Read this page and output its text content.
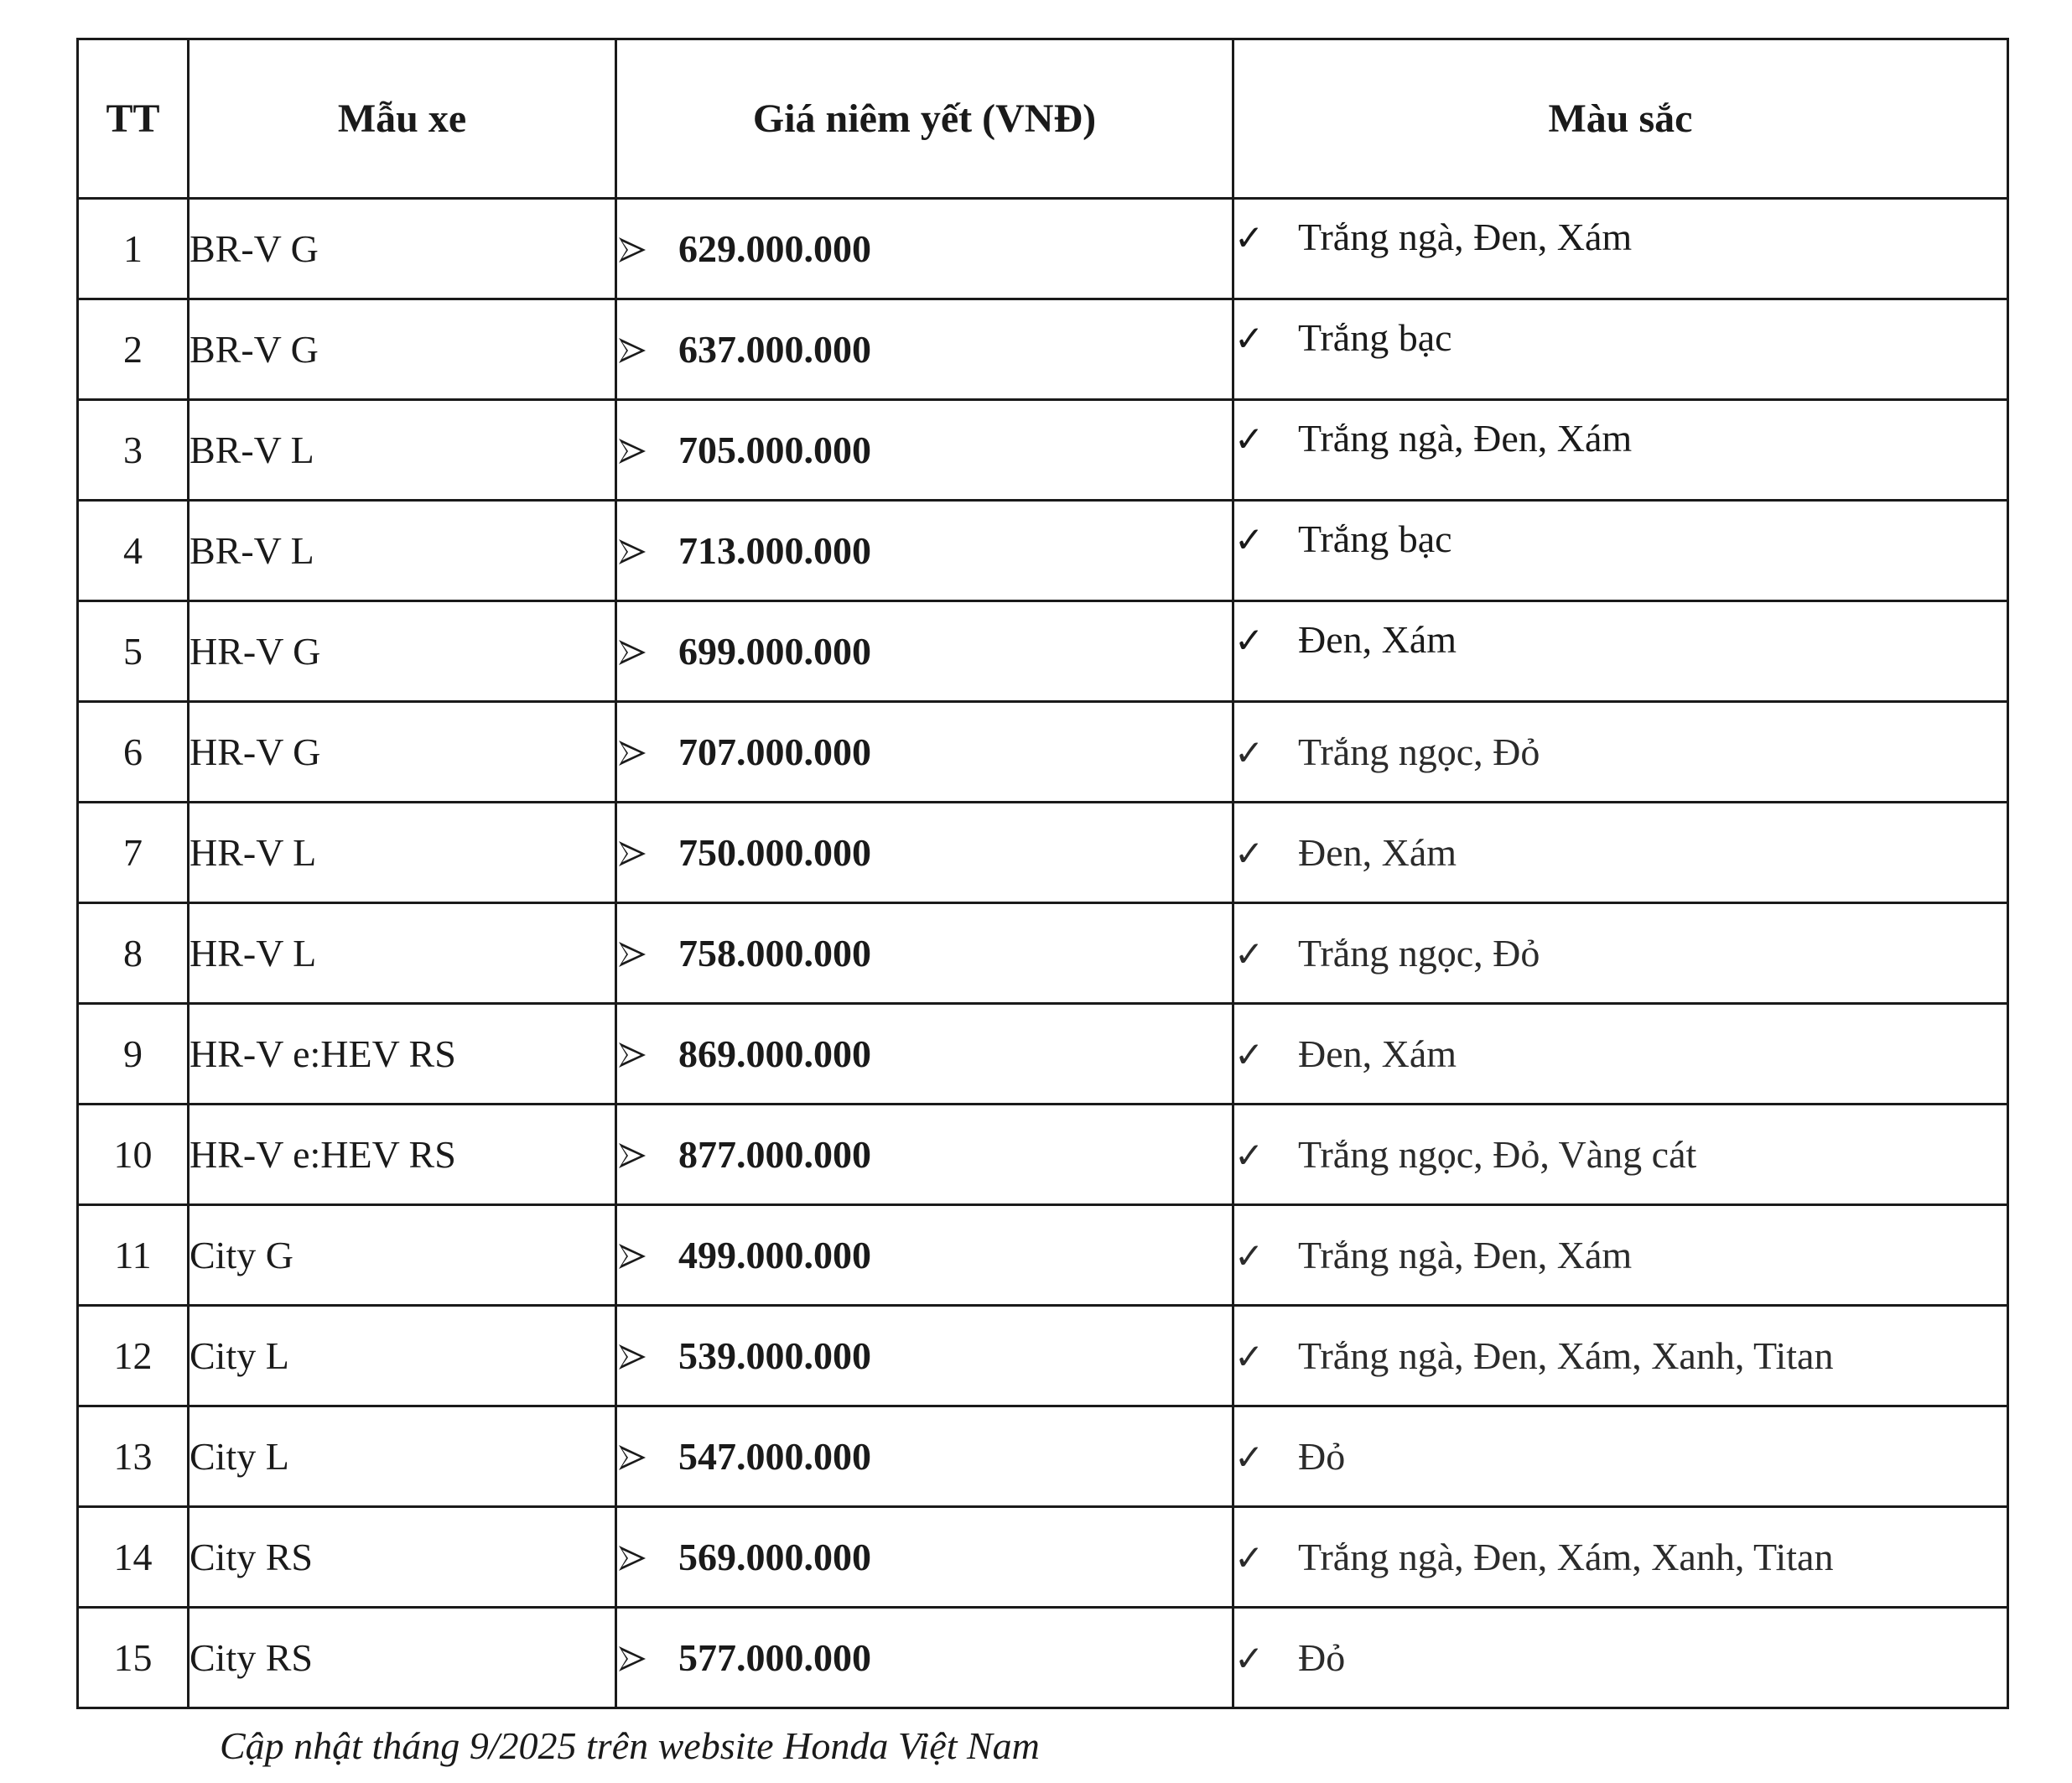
TT	Mẫu xe	Giá niêm yết (VNĐ)	Màu sắc
1	BR-V G	629.000.000	✓ Trắng ngà, Đen, Xám
2	BR-V G	637.000.000	✓ Trắng bạc
3	BR-V L	705.000.000	✓ Trắng ngà, Đen, Xám
4	BR-V L	713.000.000	✓ Trắng bạc
5	HR-V G	699.000.000	✓ Đen, Xám
6	HR-V G	707.000.000	✓ Trắng ngọc, Đỏ
7	HR-V L	750.000.000	✓ Đen, Xám
8	HR-V L	758.000.000	✓ Trắng ngọc, Đỏ
9	HR-V e:HEV RS	869.000.000	✓ Đen, Xám
10	HR-V e:HEV RS	877.000.000	✓ Trắng ngọc, Đỏ, Vàng cát
11	City G	499.000.000	✓ Trắng ngà, Đen, Xám
12	City L	539.000.000	✓ Trắng ngà, Đen, Xám, Xanh, Titan
13	City L	547.000.000	✓ Đỏ
14	City RS	569.000.000	✓ Trắng ngà, Đen, Xám, Xanh, Titan
15	City RS	577.000.000	✓ Đỏ
Cập nhật tháng 9/2025 trên website Honda Việt Nam
